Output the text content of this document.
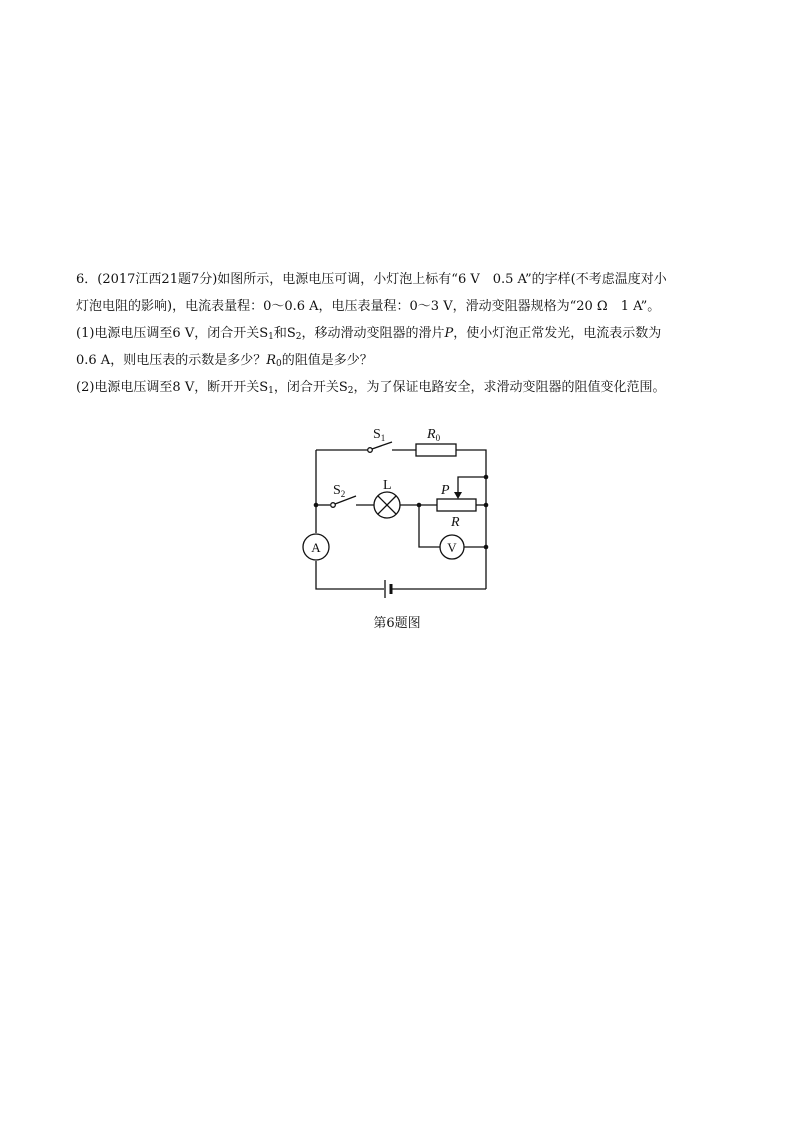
6．(2017江西21题7分)如图所示，电源电压可调，小灯泡上标有“6 V　0.5 A”的字样(不考虑温度对小
灯泡电阻的影响)，电流表量程：0～0.6 A，电压表量程：0～3 V，滑动变阻器规格为“20 Ω　1 A”。
(1)电源电压调至6 V，闭合开关$S_1$和$S_2$，移动滑动变阻器的滑片P，使小灯泡正常发光，电流表示数为
0.6 A，则电压表的示数是多少？$R_0$的阻值是多少？
(2)电源电压调至8 V，断开开关$S_1$，闭合开关$S_2$，为了保证电路安全，求滑动变阻器的阻值变化范围。
$S_1$	$R_0$
$S_2$
L	P
R
A	V
第6题图
